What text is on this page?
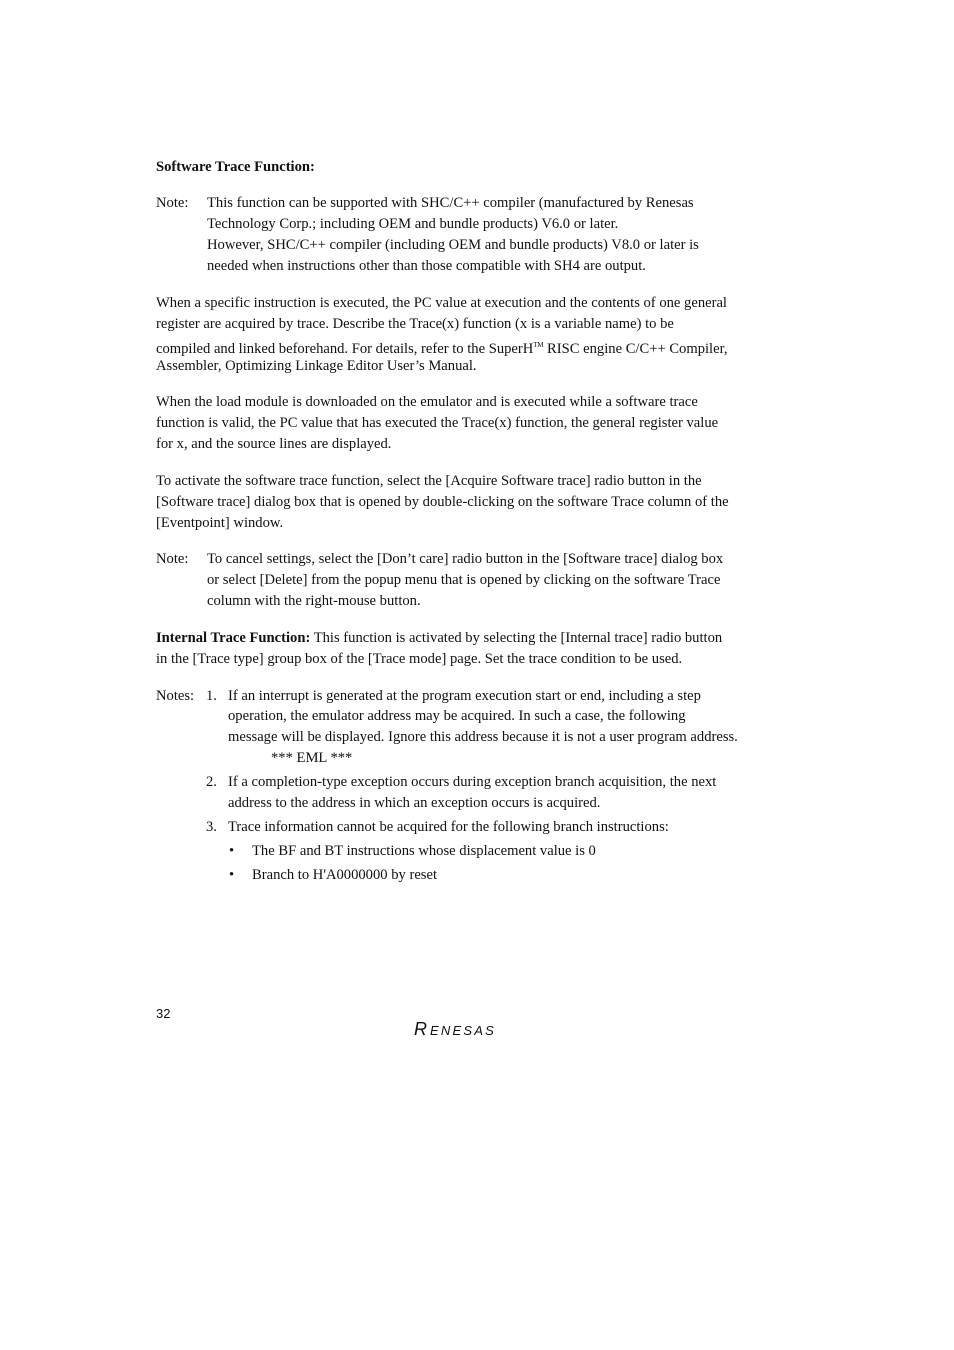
Software Trace Function:
Note: This function can be supported with SHC/C++ compiler (manufactured by Renesas
Technology Corp.; including OEM and bundle products) V6.0 or later.
However, SHC/C++ compiler (including OEM and bundle products) V8.0 or later is
needed when instructions other than those compatible with SH4 are output.
When a specific instruction is executed, the PC value at execution and the contents of one general
register are acquired by trace. Describe the Trace(x) function (x is a variable name) to be
compiled and linked beforehand. For details, refer to the SuperH™ RISC engine C/C++ Compiler,
Assembler, Optimizing Linkage Editor User’s Manual.
When the load module is downloaded on the emulator and is executed while a software trace
function is valid, the PC value that has executed the Trace(x) function, the general register value
for x, and the source lines are displayed.
To activate the software trace function, select the [Acquire Software trace] radio button in the
[Software trace] dialog box that is opened by double-clicking on the software Trace column of the
[Eventpoint] window.
Note: To cancel settings, select the [Don’t care] radio button in the [Software trace] dialog box
or select [Delete] from the popup menu that is opened by clicking on the software Trace
column with the right-mouse button.
Internal Trace Function: This function is activated by selecting the [Internal trace] radio button
in the [Trace type] group box of the [Trace mode] page. Set the trace condition to be used.
Notes: 1. If an interrupt is generated at the program execution start or end, including a step
operation, the emulator address may be acquired. In such a case, the following
message will be displayed. Ignore this address because it is not a user program address.
*** EML ***
2. If a completion-type exception occurs during exception branch acquisition, the next
address to the address in which an exception occurs is acquired.
3. Trace information cannot be acquired for the following branch instructions:
• The BF and BT instructions whose displacement value is 0
• Branch to H'A0000000 by reset
32
R ENESAS
